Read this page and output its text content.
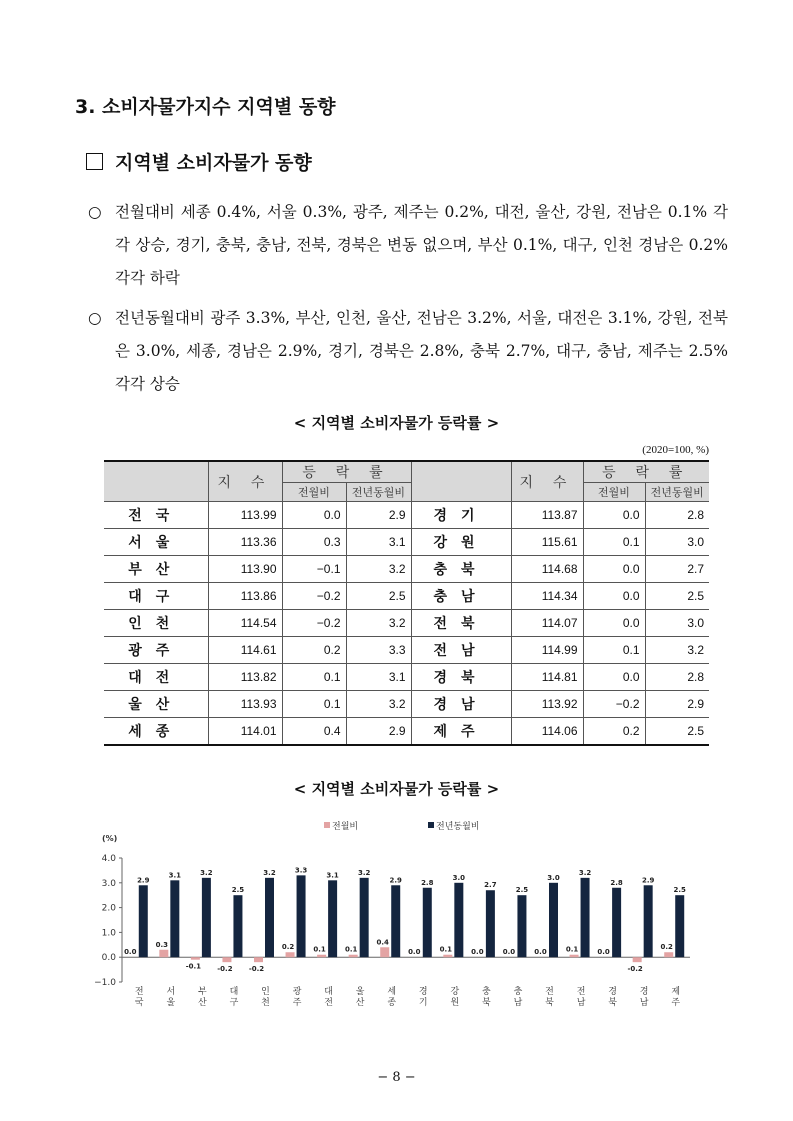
3. 소비자물가지수 지역별 동향
지역별 소비자물가 동향
○ 전월대비 세종 0.4%, 서울 0.3%, 광주, 제주는 0.2%, 대전, 울산, 강원, 전남은 0.1% 각각 상승, 경기, 충북, 충남, 전북, 경북은 변동 없으며, 부산 0.1%, 대구, 인천 경남은 0.2% 각각 하락
○ 전년동월대비 광주 3.3%, 부산, 인천, 울산, 전남은 3.2%, 서울, 대전은 3.1%, 강원, 전북은 3.0%, 세종, 경남은 2.9%, 경기, 경북은 2.8%, 충북 2.7%, 대구, 충남, 제주는 2.5% 각각 상승
< 지역별 소비자물가 등락률 >
(2020=100, %)
	지 수	등 락 률			지 수	등 락 률	
		전월비	전년동월비			전월비	전년동월비
전국	113.99	0.0	2.9	경기	113.87	0.0	2.8
서울	113.36	0.3	3.1	강원	115.61	0.1	3.0
부산	113.90	−0.1	3.2	충북	114.68	0.0	2.7
대구	113.86	−0.2	2.5	충남	114.34	0.0	2.5
인천	114.54	−0.2	3.2	전북	114.07	0.0	3.0
광주	114.61	0.2	3.3	전남	114.99	0.1	3.2
대전	113.82	0.1	3.1	경북	114.81	0.0	2.8
울산	113.93	0.1	3.2	경남	113.92	−0.2	2.9
세종	114.01	0.4	2.9	제주	114.06	0.2	2.5
< 지역별 소비자물가 등락률 >
전월비	전년동월비
(%)
4.0
3.0
2.0
1.0
0.0
−1.0
0.0
2.9
전국
0.3
3.1
서울
-0.1
3.2
부산
-0.2
2.5
대구
-0.2
3.2
인천
0.2
3.3
광주
0.1
3.1
대전
0.1
3.2
울산
0.4
2.9
세종
0.0
2.8
경기
0.1
3.0
강원
0.0
2.7
충북
0.0
2.5
충남
0.0
3.0
전북
0.1
3.2
전남
0.0
2.8
경북
-0.2
2.9
경남
0.2
2.5
제주
− 8 −
